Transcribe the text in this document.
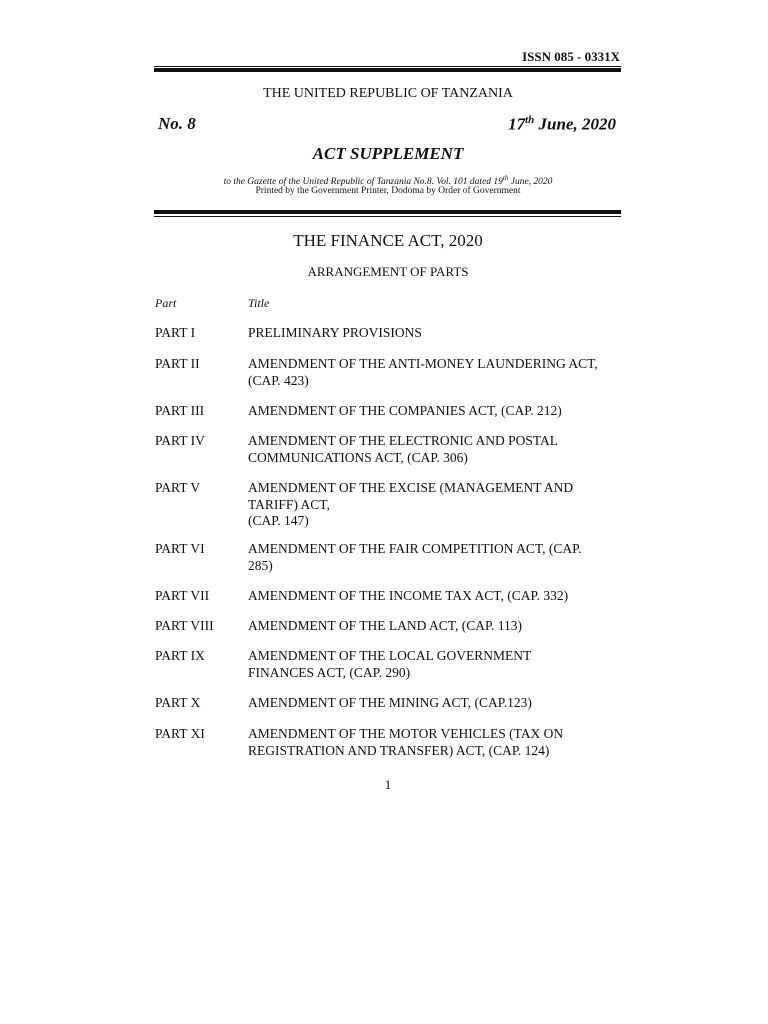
ISSN 085 - 0331X
THE UNITED REPUBLIC OF TANZANIA
No. 8	17th June, 2020
ACT SUPPLEMENT
to the Gazette of the United Republic of Tanzania No.8. Vol. 101 dated 19th June, 2020
Printed by the Government Printer, Dodoma by Order of Government
THE FINANCE ACT, 2020
ARRANGEMENT OF PARTS
Part	Title
PART I	PRELIMINARY PROVISIONS
PART II	AMENDMENT OF THE ANTI-MONEY LAUNDERING ACT,
(CAP. 423)
PART III	AMENDMENT OF THE COMPANIES ACT, (CAP. 212)
PART IV	AMENDMENT OF THE ELECTRONIC AND POSTAL
COMMUNICATIONS ACT, (CAP. 306)
PART V	AMENDMENT OF THE EXCISE (MANAGEMENT AND
TARIFF) ACT,
(CAP. 147)
PART VI	AMENDMENT OF THE FAIR COMPETITION ACT, (CAP.
285)
PART VII	AMENDMENT OF THE INCOME TAX ACT, (CAP. 332)
PART VIII	AMENDMENT OF THE LAND ACT, (CAP. 113)
PART IX	AMENDMENT OF THE LOCAL GOVERNMENT
FINANCES ACT, (CAP. 290)
PART X	AMENDMENT OF THE MINING ACT, (CAP.123)
PART XI	AMENDMENT OF THE MOTOR VEHICLES (TAX ON
REGISTRATION AND TRANSFER) ACT, (CAP. 124)
1
